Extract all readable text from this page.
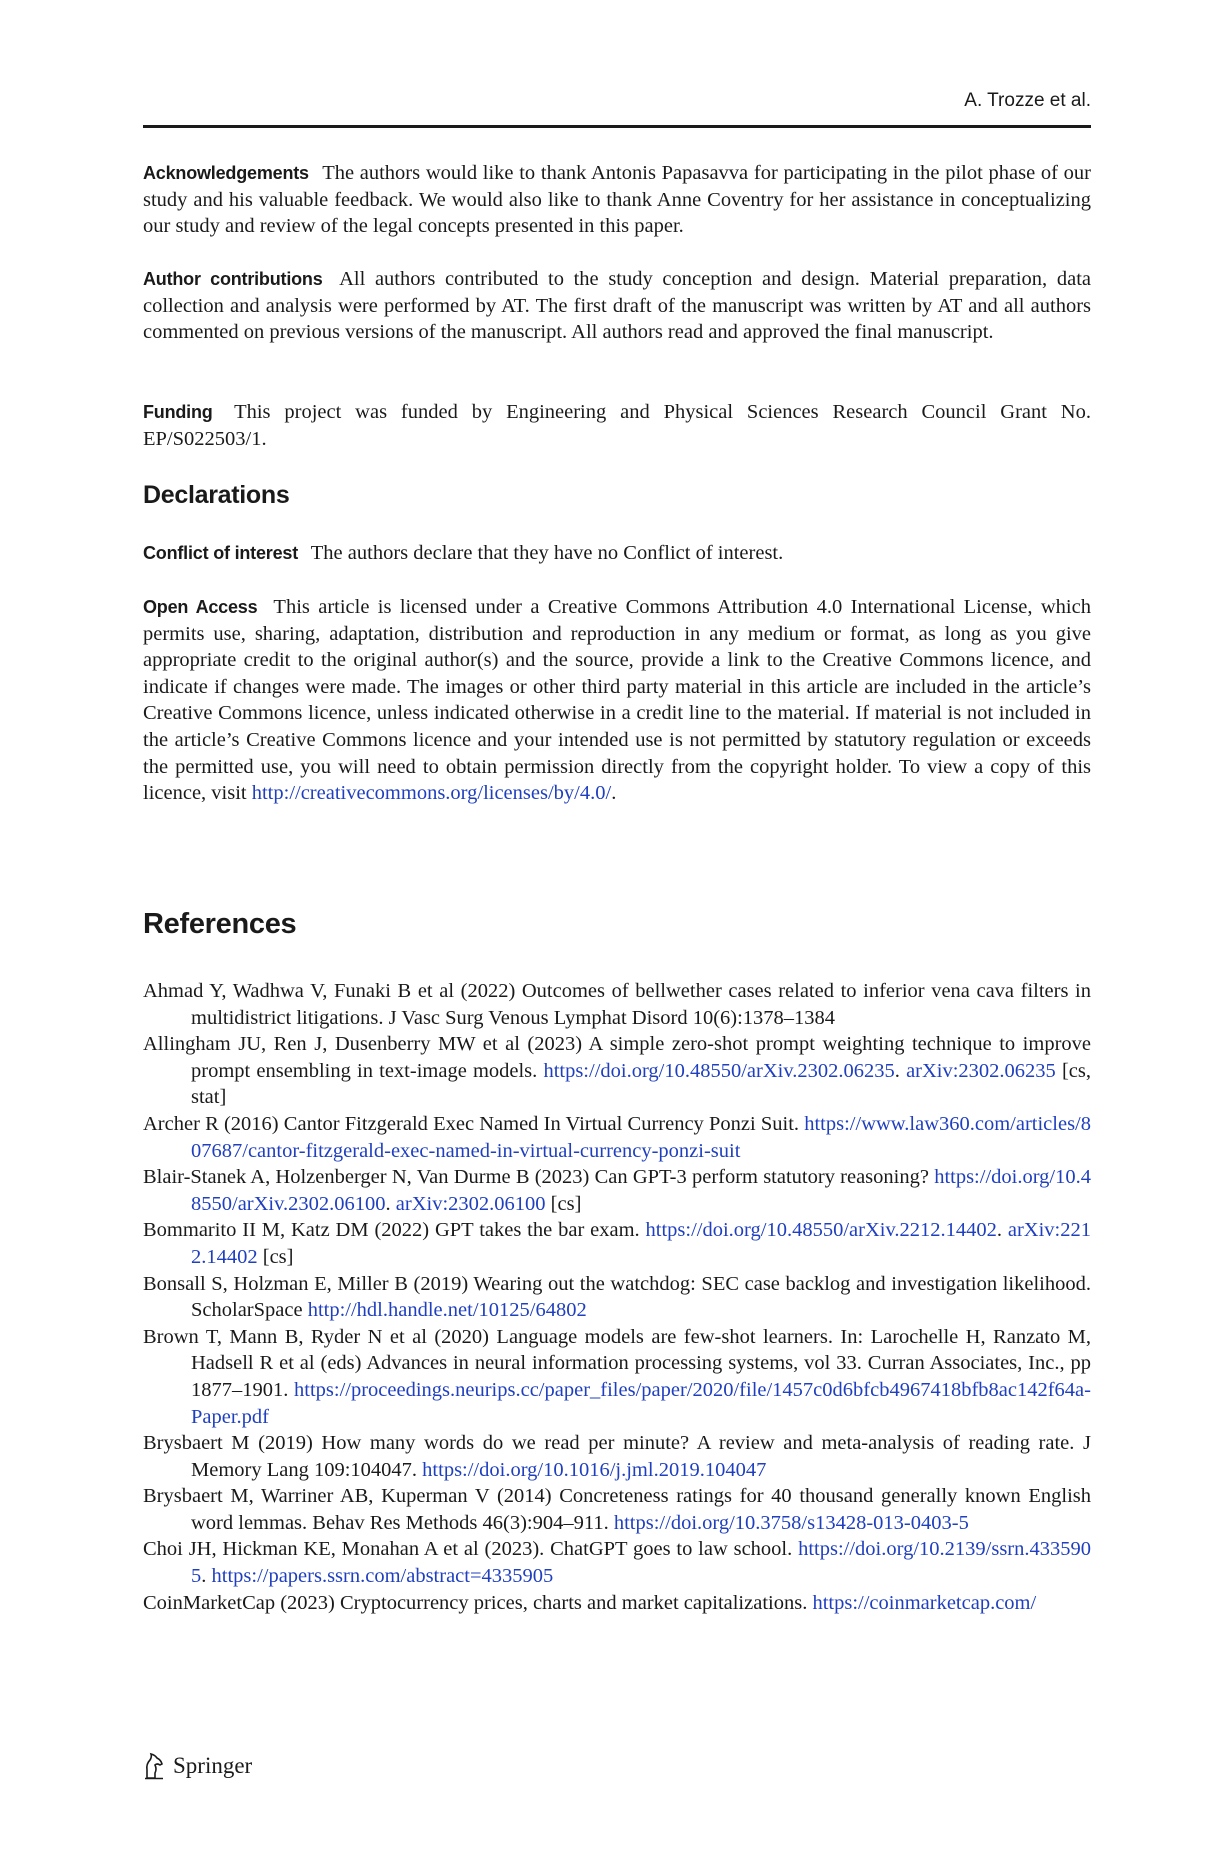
A. Trozze et al.

Acknowledgements The authors would like to thank Antonis Papasavva for participating in the pilot phase of our study and his valuable feedback. We would also like to thank Anne Coventry for her assistance in conceptualizing our study and review of the legal concepts presented in this paper.

Author contributions All authors contributed to the study conception and design. Material preparation, data collection and analysis were performed by AT. The first draft of the manuscript was written by AT and all authors commented on previous versions of the manuscript. All authors read and approved the final manuscript.

Funding This project was funded by Engineering and Physical Sciences Research Council Grant No. EP/S022503/1.

Declarations

Conflict of interest The authors declare that they have no Conflict of interest.

Open Access This article is licensed under a Creative Commons Attribution 4.0 International License, which permits use, sharing, adaptation, distribution and reproduction in any medium or format, as long as you give appropriate credit to the original author(s) and the source, provide a link to the Creative Commons licence, and indicate if changes were made. The images or other third party material in this article are included in the article’s Creative Commons licence, unless indicated otherwise in a credit line to the material. If material is not included in the article’s Creative Commons licence and your intended use is not permitted by statutory regulation or exceeds the permitted use, you will need to obtain permission directly from the copyright holder. To view a copy of this licence, visit http://creativecommons.org/licenses/by/4.0/.

References

Ahmad Y, Wadhwa V, Funaki B et al (2022) Outcomes of bellwether cases related to inferior vena cava filters in multidistrict litigations. J Vasc Surg Venous Lymphat Disord 10(6):1378–1384

Allingham JU, Ren J, Dusenberry MW et al (2023) A simple zero-shot prompt weighting technique to improve prompt ensembling in text-image models. https://doi.org/10.48550/arXiv.2302.06235. arXiv:2302.06235 [cs, stat]

Archer R (2016) Cantor Fitzgerald Exec Named In Virtual Currency Ponzi Suit. https://www.law360.com/articles/807687/cantor-fitzgerald-exec-named-in-virtual-currency-ponzi-suit

Blair-Stanek A, Holzenberger N, Van Durme B (2023) Can GPT-3 perform statutory reasoning? https://doi.org/10.48550/arXiv.2302.06100. arXiv:2302.06100 [cs]

Bommarito II M, Katz DM (2022) GPT takes the bar exam. https://doi.org/10.48550/arXiv.2212.14402. arXiv:2212.14402 [cs]

Bonsall S, Holzman E, Miller B (2019) Wearing out the watchdog: SEC case backlog and investigation likelihood. ScholarSpace http://hdl.handle.net/10125/64802

Brown T, Mann B, Ryder N et al (2020) Language models are few-shot learners. In: Larochelle H, Ranzato M, Hadsell R et al (eds) Advances in neural information processing systems, vol 33. Curran Associates, Inc., pp 1877–1901. https://proceedings.neurips.cc/paper_files/paper/2020/file/1457c0d6bfcb4967418bfb8ac142f64a-Paper.pdf

Brysbaert M (2019) How many words do we read per minute? A review and meta-analysis of reading rate. J Memory Lang 109:104047. https://doi.org/10.1016/j.jml.2019.104047

Brysbaert M, Warriner AB, Kuperman V (2014) Concreteness ratings for 40 thousand generally known English word lemmas. Behav Res Methods 46(3):904–911. https://doi.org/10.3758/s13428-013-0403-5

Choi JH, Hickman KE, Monahan A et al (2023). ChatGPT goes to law school. https://doi.org/10.2139/ssrn.4335905. https://papers.ssrn.com/abstract=4335905

CoinMarketCap (2023) Cryptocurrency prices, charts and market capitalizations. https://coinmarketcap.com/

Springer
